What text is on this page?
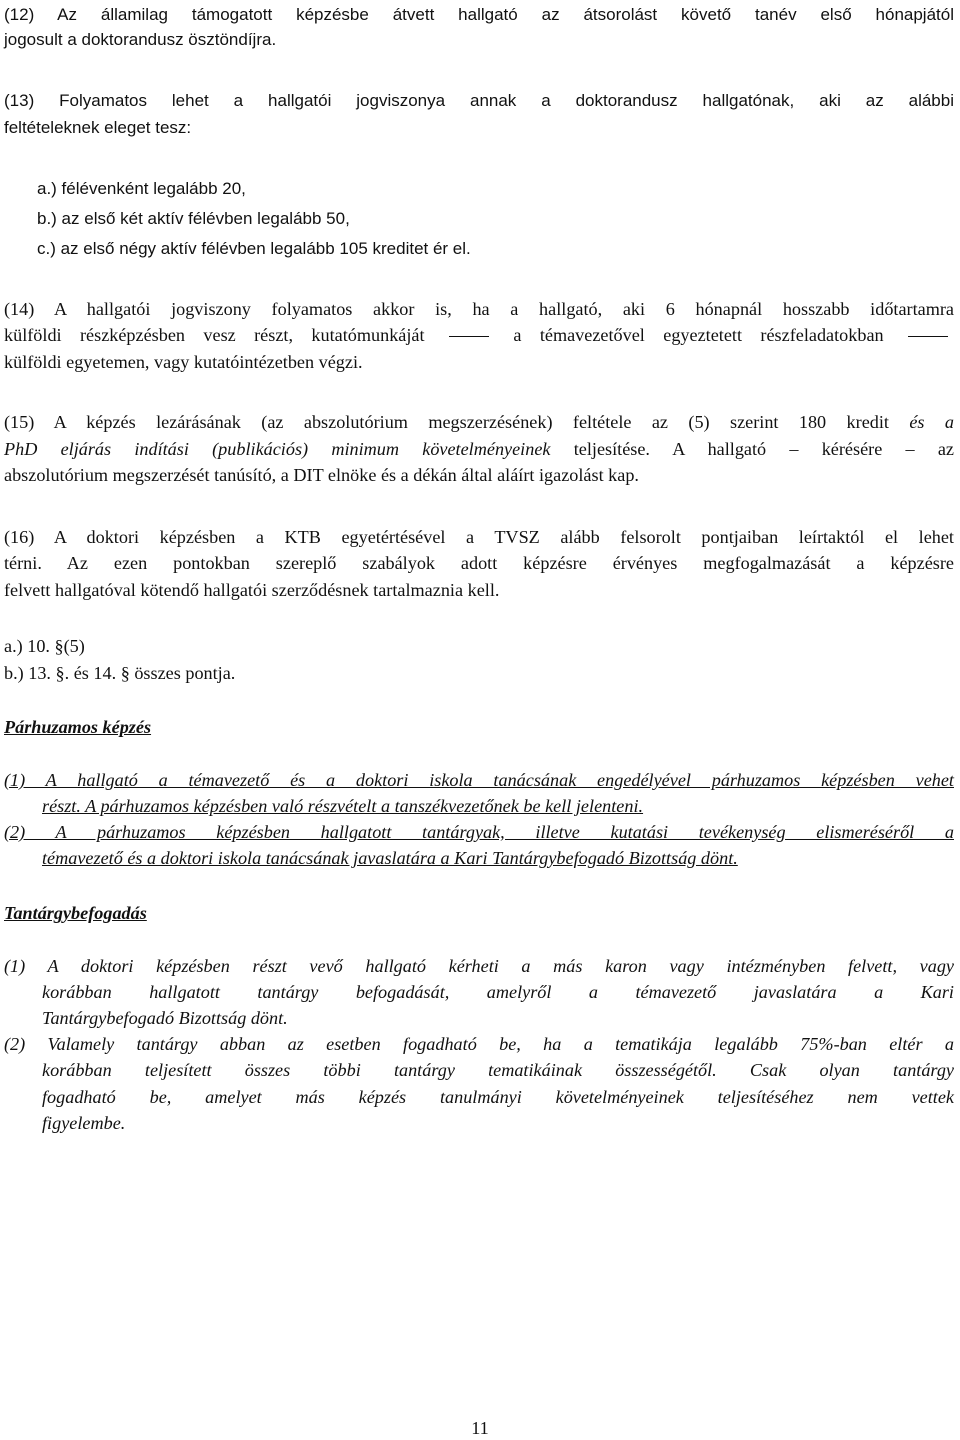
(12) Az államilag támogatott képzésbe átvett hallgató az átsorolást követő tanév első hónapjától
jogosult a doktorandusz ösztöndíjra.
(13) Folyamatos lehet a hallgatói jogviszonya annak a doktorandusz hallgatónak, aki az alábbi
feltételeknek eleget tesz:
a.) félévenként legalább 20,
b.) az első két aktív félévben legalább 50,
c.) az első négy aktív félévben legalább 105 kreditet ér el.
(14) A hallgatói jogviszony folyamatos akkor is, ha a hallgató, aki 6 hónapnál hosszabb időtartamra
külföldi részképzésben vesz részt, kutatómunkáját	a témavezetővel egyeztetett részfeladatokban
külföldi egyetemen, vagy kutatóintézetben végzi.
(15) A képzés lezárásának (az abszolutórium megszerzésének) feltétele az (5) szerint 180 kredit és a
PhD eljárás indítási (publikációs) minimum követelményeinek teljesítése. A hallgató – kérésére – az
abszolutórium megszerzését tanúsító, a DIT elnöke és a dékán által aláírt igazolást kap.
(16) A doktori képzésben a KTB egyetértésével a TVSZ alább felsorolt pontjaiban leírtaktól el lehet
térni. Az ezen pontokban szereplő szabályok adott képzésre érvényes megfogalmazását a képzésre
felvett hallgatóval kötendő hallgatói szerződésnek tartalmaznia kell.
a.) 10. §(5)
b.) 13. §. és 14. § összes pontja.
Párhuzamos képzés
(1) A hallgató a témavezető és a doktori iskola tanácsának engedélyével párhuzamos képzésben vehet
részt. A párhuzamos képzésben való részvételt a tanszékvezetőnek be kell jelenteni.
(2) A párhuzamos képzésben hallgatott tantárgyak, illetve kutatási tevékenység elismeréséről a
témavezető és a doktori iskola tanácsának javaslatára a Kari Tantárgybefogadó Bizottság dönt.
Tantárgybefogadás
(1) A doktori képzésben részt vevő hallgató kérheti a más karon vagy intézményben felvett, vagy
korábban hallgatott tantárgy befogadását, amelyről a témavezető javaslatára a Kari
Tantárgybefogadó Bizottság dönt.
(2) Valamely tantárgy abban az esetben fogadható be, ha a tematikája legalább 75%-ban eltér a
korábban teljesített összes többi tantárgy tematikáinak összességétől. Csak olyan tantárgy
fogadható be, amelyet más képzés tanulmányi követelményeinek teljesítéséhez nem vettek
figyelembe.
11
